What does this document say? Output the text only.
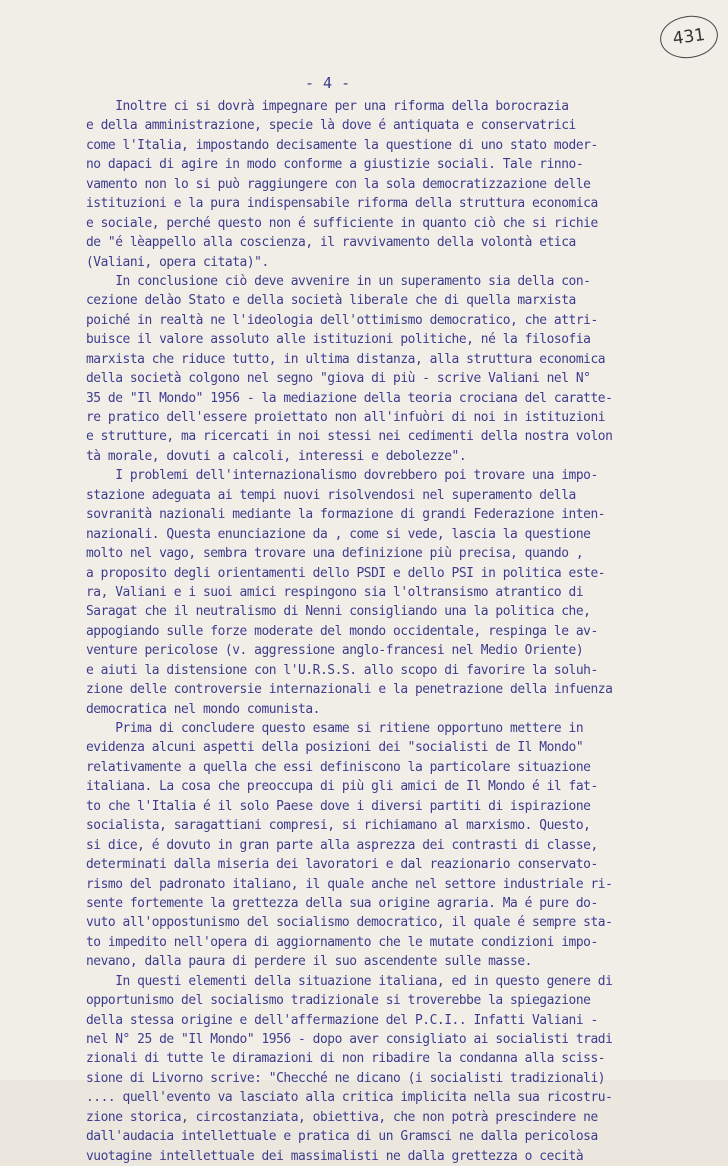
431
- 4 -
Inoltre ci si dovrà impegnare per una riforma della borocrazia
e della amministrazione, specie là dove é antiquata e conservatrici
come l'Italia, impostando decisamente la questione di uno stato moder-
no dapaci di agire in modo conforme a giustizie sociali. Tale rinno-
vamento non lo si può raggiungere con la sola democratizzazione delle
istituzioni e la pura indispensabile riforma della struttura economica
e sociale, perché questo non é sufficiente in quanto ciò che si richie
de "é lèappello alla coscienza, il ravvivamento della volontà etica
(Valiani, opera citata)".
In conclusione ciò deve avvenire in un superamento sia della con-
cezione delào Stato e della società liberale che di quella marxista
poiché in realtà ne l'ideologia dell'ottimismo democratico, che attri-
buisce il valore assoluto alle istituzioni politiche, né la filosofia
marxista che riduce tutto, in ultima distanza, alla struttura economica
della società colgono nel segno "giova di più - scrive Valiani nel N°
35 de "Il Mondo" 1956 - la mediazione della teoria crociana del caratte-
re pratico dell'essere proiettato non all'infuòri di noi in istituzioni
e strutture, ma ricercati in noi stessi nei cedimenti della nostra volon
tà morale, dovuti a calcoli, interessi e debolezze".
I problemi dell'internazionalismo dovrebbero poi trovare una impo-
stazione adeguata ai tempi nuovi risolvendosi nel superamento della
sovranità nazionali mediante la formazione di grandi Federazione inten-
nazionali. Questa enunciazione da , come si vede, lascia la questione
molto nel vago, sembra trovare una definizione più precisa, quando ,
a proposito degli orientamenti dello PSDI e dello PSI in politica este-
ra, Valiani e i suoi amici respingono sia l'oltransismo atrantico di
Saragat che il neutralismo di Nenni consigliando una la politica che,
appogiando sulle forze moderate del mondo occidentale, respinga le av-
venture pericolose (v. aggressione anglo-francesi nel Medio Oriente)
e aiuti la distensione con l'U.R.S.S. allo scopo di favorire la soluh-
zione delle controversie internazionali e la penetrazione della infuenza
democratica nel mondo comunista.
Prima di concludere questo esame si ritiene opportuno mettere in
evidenza alcuni aspetti della posizioni dei "socialisti de Il Mondo"
relativamente a quella che essi definiscono la particolare situazione
italiana. La cosa che preoccupa di più gli amici de Il Mondo é il fat-
to che l'Italia é il solo Paese dove i diversi partiti di ispirazione
socialista, saragattiani compresi, si richiamano al marxismo. Questo,
si dice, é dovuto in gran parte alla asprezza dei contrasti di classe,
determinati dalla miseria dei lavoratori e dal reazionario conservato-
rismo del padronato italiano, il quale anche nel settore industriale ri-
sente fortemente la grettezza della sua origine agraria. Ma é pure do-
vuto all'oppostunismo del socialismo democratico, il quale é sempre sta-
to impedito nell'opera di aggiornamento che le mutate condizioni impo-
nevano, dalla paura di perdere il suo ascendente sulle masse.
In questi elementi della situazione italiana, ed in questo genere di
opportunismo del socialismo tradizionale si troverebbe la spiegazione
della stessa origine e dell'affermazione del P.C.I.. Infatti Valiani -
nel N° 25 de "Il Mondo" 1956 - dopo aver consigliato ai socialisti tradi
zionali di tutte le diramazioni di non ribadire la condanna alla sciss-
sione di Livorno scrive: "Checché ne dicano (i socialisti tradizionali)
.... quell'evento va lasciato alla critica implicita nella sua ricostru-
zione storica, circostanziata, obiettiva, che non potrà prescindere ne
dall'audacia intellettuale e pratica di un Gramsci ne dalla pericolosa
vuotagine intellettuale dei massimalisti ne dalla grettezza o cecità
